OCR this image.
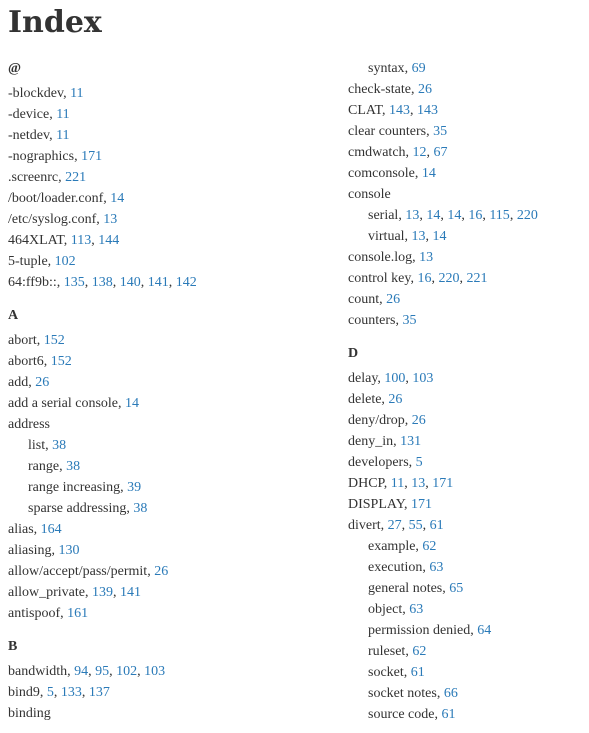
Index
@
-blockdev, 11
-device, 11
-netdev, 11
-nographics, 171
.screenrc, 221
/boot/loader.conf, 14
/etc/syslog.conf, 13
464XLAT, 113, 144
5-tuple, 102
64:ff9b::, 135, 138, 140, 141, 142
A
abort, 152
abort6, 152
add, 26
add a serial console, 14
address
list, 38
range, 38
range increasing, 39
sparse addressing, 38
alias, 164
aliasing, 130
allow/accept/pass/permit, 26
allow_private, 139, 141
antispoof, 161
B
bandwidth, 94, 95, 102, 103
bind9, 5, 133, 137
binding
syntax, 69
check-state, 26
CLAT, 143, 143
clear counters, 35
cmdwatch, 12, 67
comconsole, 14
console
serial, 13, 14, 14, 16, 115, 220
virtual, 13, 14
console.log, 13
control key, 16, 220, 221
count, 26
counters, 35
D
delay, 100, 103
delete, 26
deny/drop, 26
deny_in, 131
developers, 5
DHCP, 11, 13, 171
DISPLAY, 171
divert, 27, 55, 61
example, 62
execution, 63
general notes, 65
object, 63
permission denied, 64
ruleset, 62
socket, 61
socket notes, 66
source code, 61
